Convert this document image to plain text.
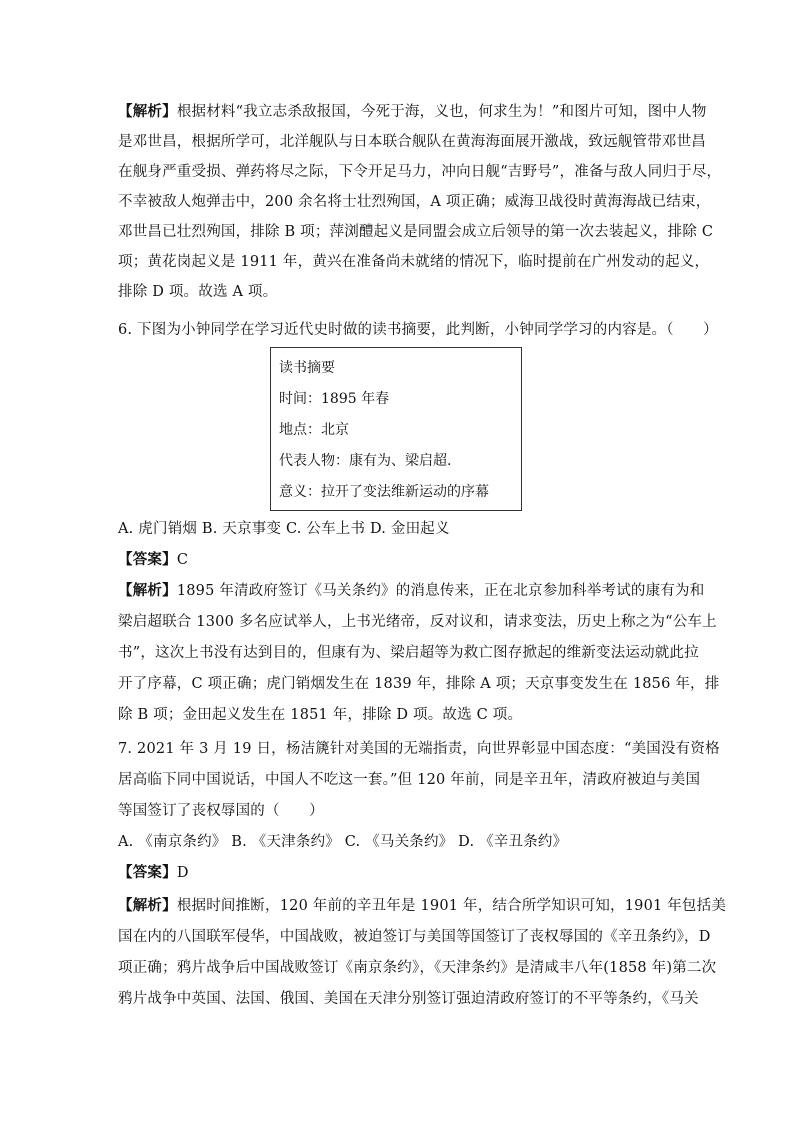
【解析】根据材料“我立志杀敌报国，今死于海，义也，何求生为！”和图片可知，图中人物
是邓世昌，根据所学可，北洋舰队与日本联合舰队在黄海海面展开激战，致远舰管带邓世昌
在舰身严重受损、弹药将尽之际，下令开足马力，冲向日舰“吉野号”，准备与敌人同归于尽，
不幸被敌人炮弹击中，200 余名将士壮烈殉国，A 项正确；威海卫战役时黄海海战已结束，
邓世昌已壮烈殉国，排除 B 项；萍浏醴起义是同盟会成立后领导的第一次去装起义，排除 C
项；黄花岗起义是 1911 年，黄兴在准备尚未就绪的情况下，临时提前在广州发动的起义，
排除 D 项。故选 A 项。
6. 下图为小钟同学在学习近代史时做的读书摘要，此判断，小钟同学学习的内容是。（　　）
读书摘要
时间：1895 年春
地点：北京
代表人物：康有为、梁启超.
意义：拉开了变法维新运动的序幕
A. 虎门销烟 B. 天京事变 C. 公车上书 D. 金田起义
【答案】C
【解析】1895 年清政府签订《马关条约》的消息传来，正在北京参加科举考试的康有为和
梁启超联合 1300 多名应试举人，上书光绪帝，反对议和，请求变法，历史上称之为“公车上
书”，这次上书没有达到目的，但康有为、梁启超等为救亡图存掀起的维新变法运动就此拉
开了序幕，C 项正确；虎门销烟发生在 1839 年，排除 A 项；天京事变发生在 1856 年，排
除 B 项；金田起义发生在 1851 年，排除 D 项。故选 C 项。
7. 2021 年 3 月 19 日，杨洁篪针对美国的无端指责，向世界彰显中国态度：“美国没有资格
居高临下同中国说话，中国人不吃这一套。”但 120 年前，同是辛丑年，清政府被迫与美国
等国签订了丧权辱国的（　　）
A. 《南京条约》 B. 《天津条约》 C. 《马关条约》 D. 《辛丑条约》
【答案】D
【解析】根据时间推断，120 年前的辛丑年是 1901 年，结合所学知识可知，1901 年包括美
国在内的八国联军侵华，中国战败，被迫签订与美国等国签订了丧权辱国的《辛丑条约》，D
项正确；鸦片战争后中国战败签订《南京条约》，《天津条约》是清咸丰八年(1858 年)第二次
鸦片战争中英国、法国、俄国、美国在天津分别签订强迫清政府签订的不平等条约，《马关
